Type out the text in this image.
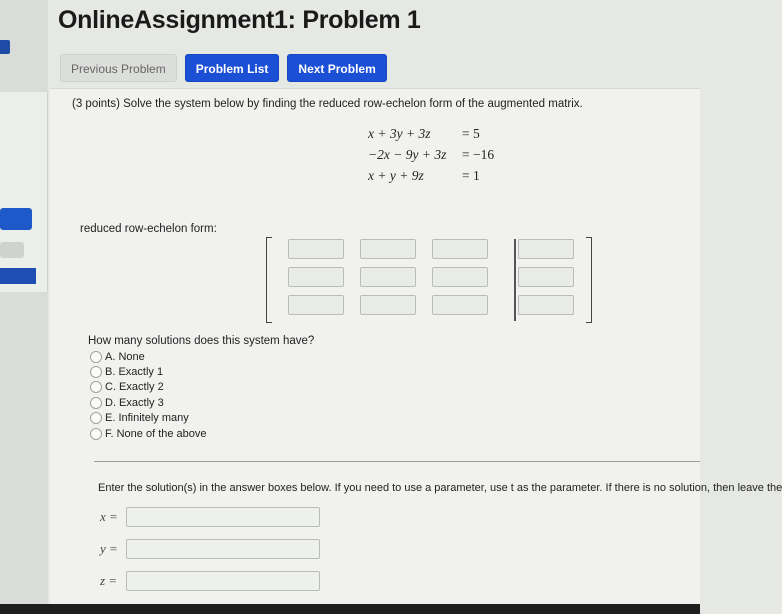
OnlineAssignment1: Problem 1
Previous Problem	Problem List	Next Problem
(3 points) Solve the system below by finding the reduced row-echelon form of the augmented matrix.
x + 3y + 3z	= 5
−2x − 9y + 3z	= −16
x + y + 9z	= 1
reduced row-echelon form:
How many solutions does this system have?
A. None
B. Exactly 1
C. Exactly 2
D. Exactly 3
E. Infinitely many
F. None of the above
Enter the solution(s) in the answer boxes below. If you need to use a parameter, use t as the parameter. If there is no solution, then leave the
x =
y =
z =
